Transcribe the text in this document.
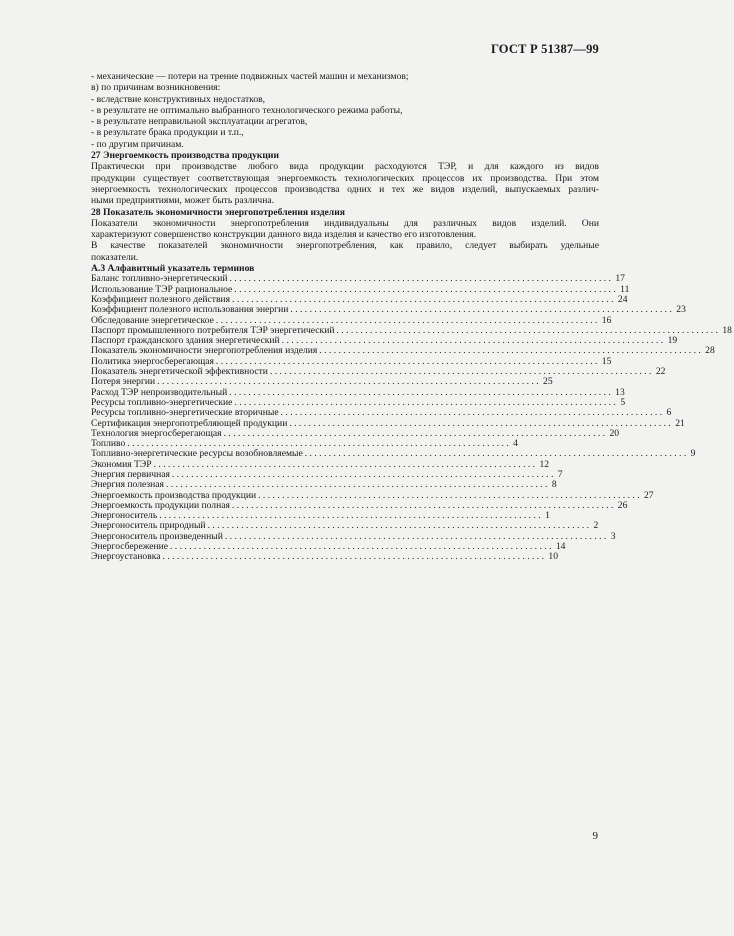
ГОСТ Р 51387—99
- механические — потери на трение подвижных частей машин и механизмов;
в) по причинам возникновения:
- вследствие конструктивных недостатков,
- в результате не оптимально выбранного технологического режима работы,
- в результате неправильной эксплуатации агрегатов,
- в результате брака продукции и т.п.,
- по другим причинам.
27 Энергоемкость производства продукции
Практически при производстве любого вида продукции расходуются ТЭР, и для каждого из видов
продукции существует соответствующая энергоемкость технологических процессов их производства. При этом
энергоемкость технологических процессов производства одних и тех же видов изделий, выпускаемых различ-
ными предприятиями, может быть различна.
28 Показатель экономичности энергопотребления изделия
Показатели экономичности энергопотребления индивидуальны для различных видов изделий. Они
характеризуют совершенство конструкции данного вида изделия и качество его изготовления.
В качестве показателей экономичности энергопотребления, как правило, следует выбирать удельные
показатели.
А.3 Алфавитный указатель терминов
Баланс топливно-энергетический ................................................................................ 17
Использование ТЭР рациональное ................................................................................ 11
Коэффициент полезного действия ................................................................................ 24
Коэффициент полезного использования энергии ................................................................................ 23
Обследование энергетическое ................................................................................ 16
Паспорт промышленного потребителя ТЭР энергетический ................................................................................ 18
Паспорт гражданского здания энергетический ................................................................................ 19
Показатель экономичности энергопотребления изделия ................................................................................ 28
Политика энергосберегающая ................................................................................ 15
Показатель энергетической эффективности ................................................................................ 22
Потеря энергии ................................................................................ 25
Расход ТЭР непроизводительный ................................................................................ 13
Ресурсы топливно-энергетические ................................................................................ 5
Ресурсы топливно-энергетические вторичные ................................................................................ 6
Сертификация энергопотребляющей продукции ................................................................................ 21
Технология энергосберегающая ................................................................................ 20
Топливо ................................................................................ 4
Топливно-энергетические ресурсы возобновляемые ................................................................................ 9
Экономия ТЭР ................................................................................ 12
Энергия первичная ................................................................................ 7
Энергия полезная ................................................................................ 8
Энергоемкость производства продукции ................................................................................ 27
Энергоемкость продукции полная ................................................................................ 26
Энергоноситель ................................................................................ 1
Энергоноситель природный ................................................................................ 2
Энергоноситель произведенный ................................................................................ 3
Энергосбережение ................................................................................ 14
Энергоустановка ................................................................................ 10
9
